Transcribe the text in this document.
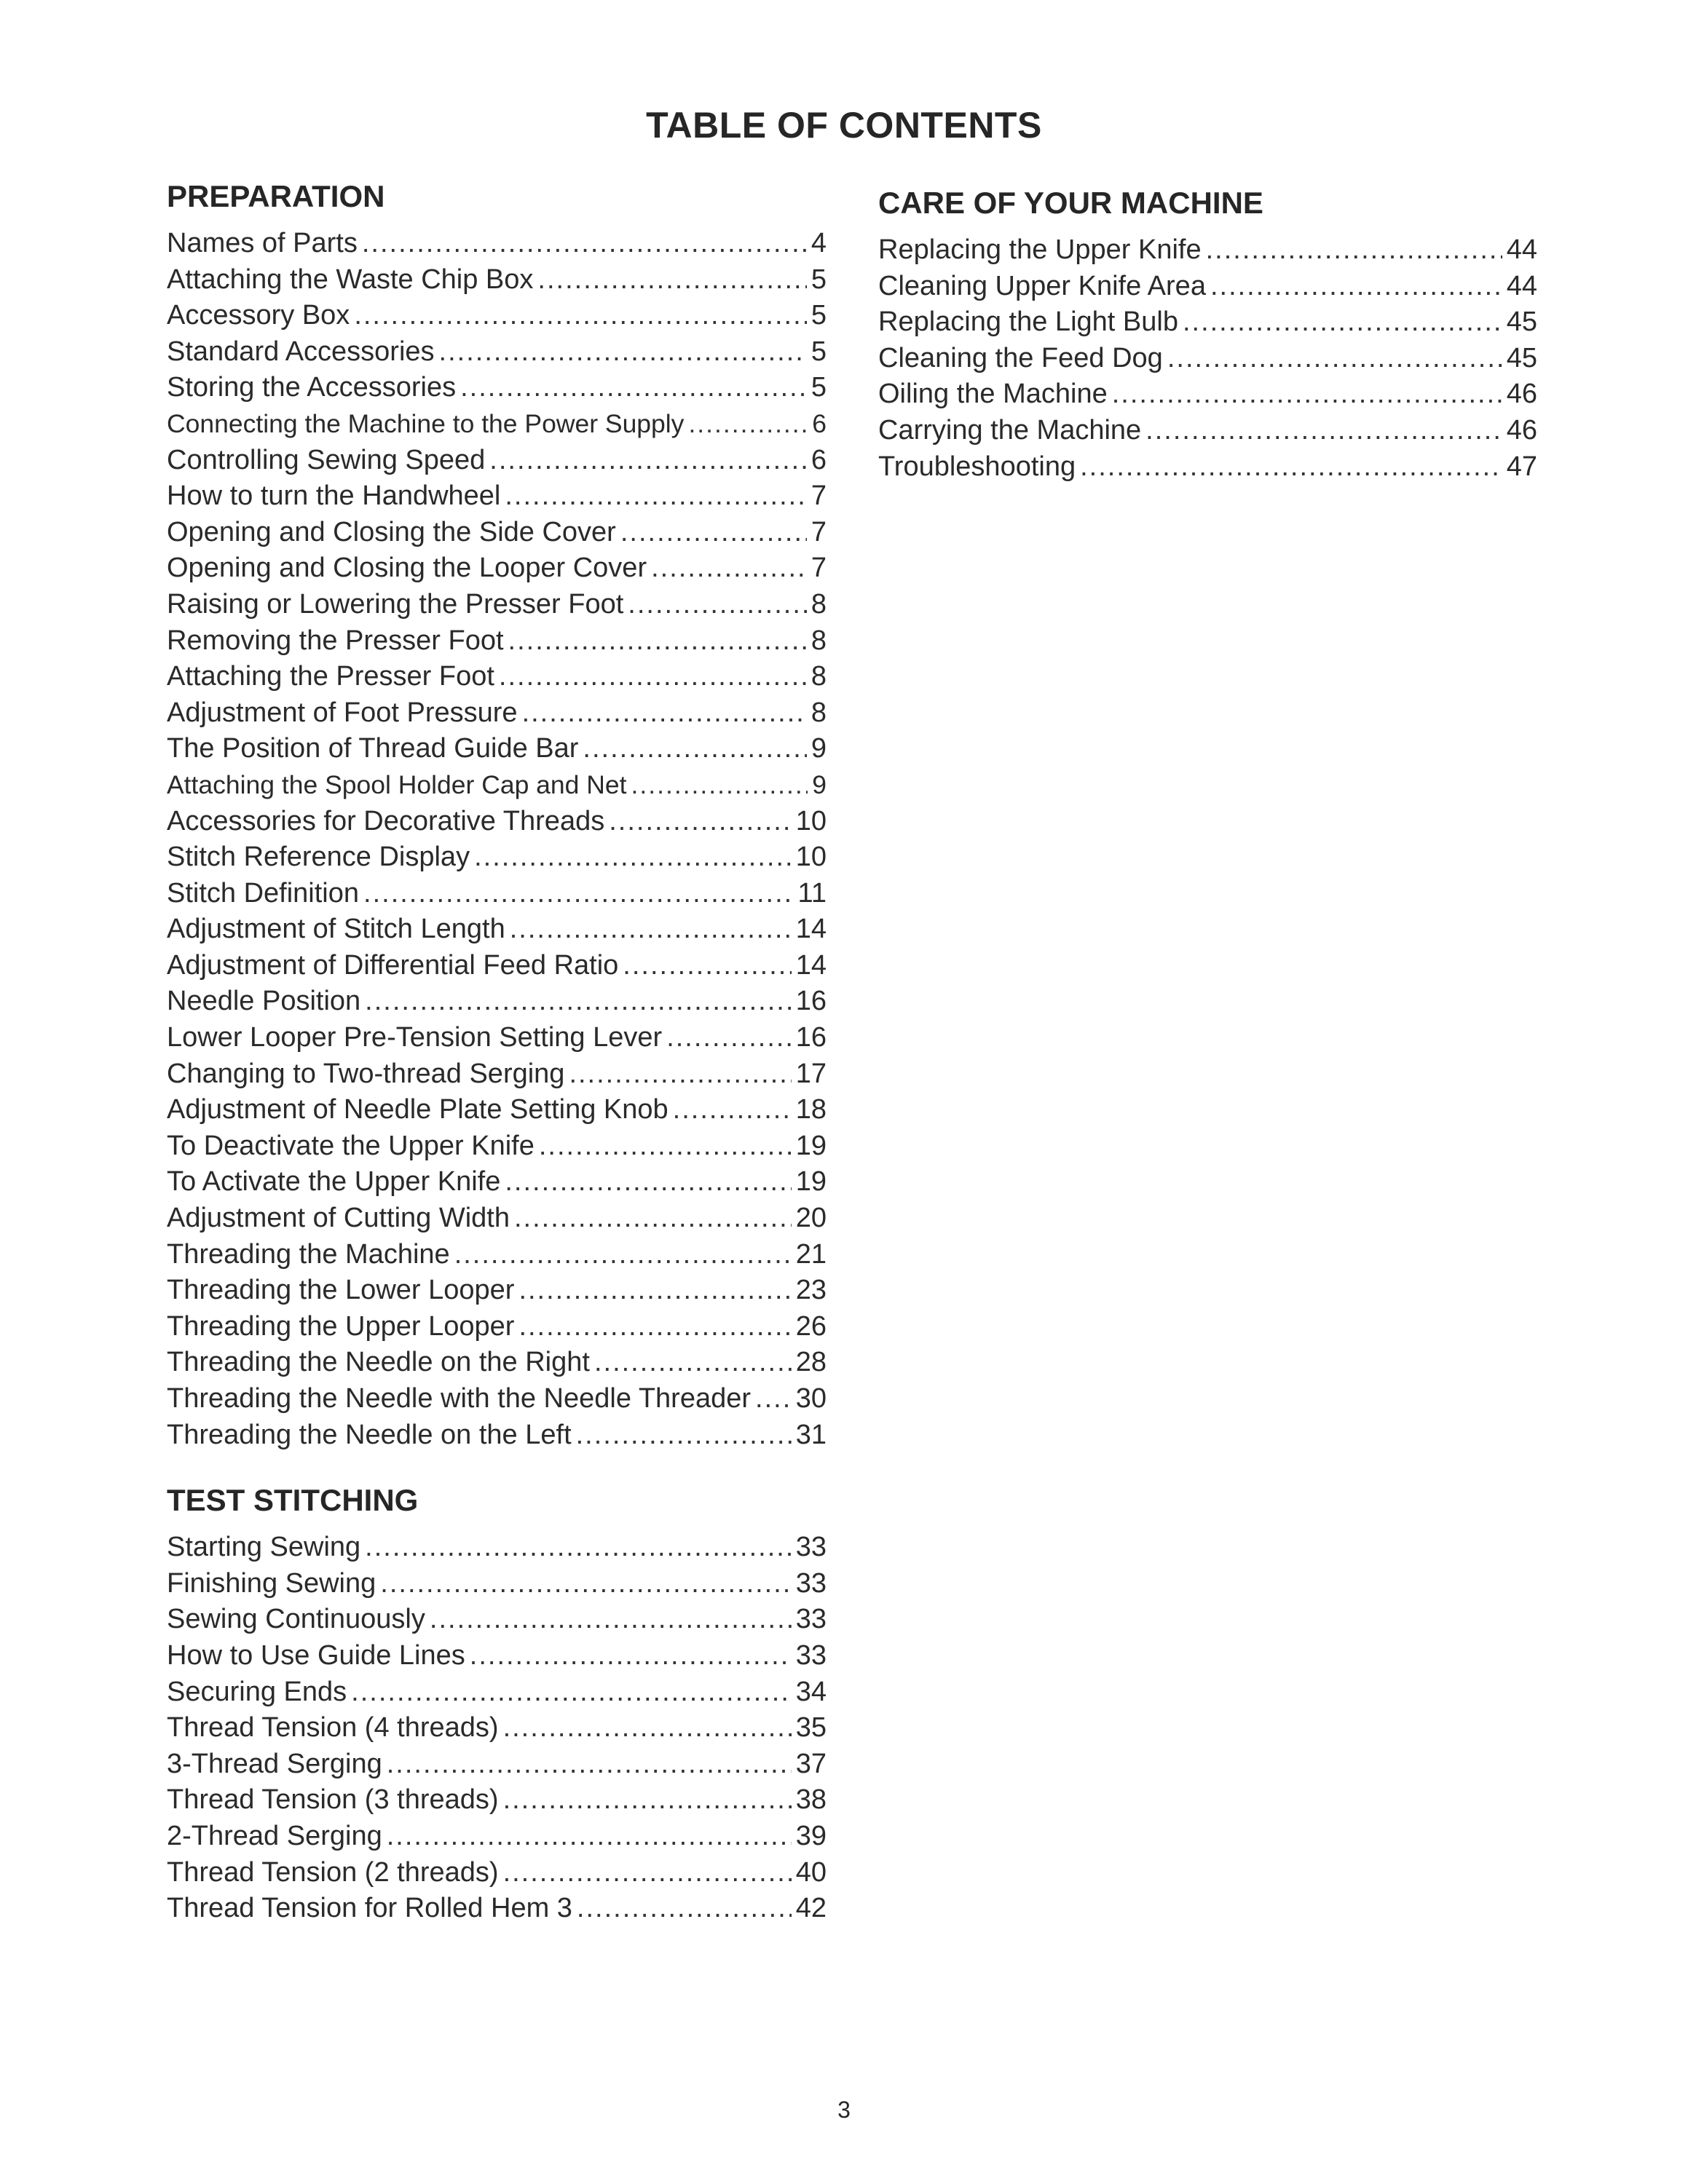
TABLE OF CONTENTS
PREPARATION
Names of Parts .....	4
Attaching the Waste Chip Box .....	5
Accessory Box .....	5
Standard Accessories .....	5
Storing the Accessories .....	5
Connecting the Machine to the Power Supply .....	6
Controlling Sewing Speed .....	6
How to turn the Handwheel .....	7
Opening and Closing the Side Cover .....	7
Opening and Closing the Looper Cover .....	7
Raising or Lowering the Presser Foot .....	8
Removing the Presser Foot .....	8
Attaching the Presser Foot .....	8
Adjustment of Foot Pressure .....	8
The Position of Thread Guide Bar .....	9
Attaching the Spool Holder Cap and Net .....	9
Accessories for Decorative Threads .....	10
Stitch Reference Display .....	10
Stitch Definition .....	11
Adjustment of Stitch Length .....	14
Adjustment of Differential Feed Ratio .....	14
Needle Position .....	16
Lower Looper Pre-Tension Setting Lever .....	16
Changing to Two-thread Serging .....	17
Adjustment of Needle Plate Setting Knob .....	18
To Deactivate the Upper Knife .....	19
To Activate the Upper Knife .....	19
Adjustment of Cutting Width .....	20
Threading the Machine .....	21
Threading the Lower Looper .....	23
Threading the Upper Looper .....	26
Threading the Needle on the Right .....	28
Threading the Needle with the Needle Threader ..... 30
Threading the Needle on the Left .....	31
TEST STITCHING
Starting Sewing .....	33
Finishing Sewing .....	33
Sewing Continuously .....	33
How to Use Guide Lines .....	33
Securing Ends .....	34
Thread Tension (4 threads) .....	35
3-Thread Serging .....	37
Thread Tension (3 threads) .....	38
2-Thread Serging .....	39
Thread Tension (2 threads) .....	40
Thread Tension for Rolled Hem 3 .....	42
CARE OF YOUR MACHINE
Replacing the Upper Knife .....	44
Cleaning Upper Knife Area .....	44
Replacing the Light Bulb .....	45
Cleaning the Feed Dog .....	45
Oiling the Machine .....	46
Carrying the Machine .....	46
Troubleshooting .....	47
3
